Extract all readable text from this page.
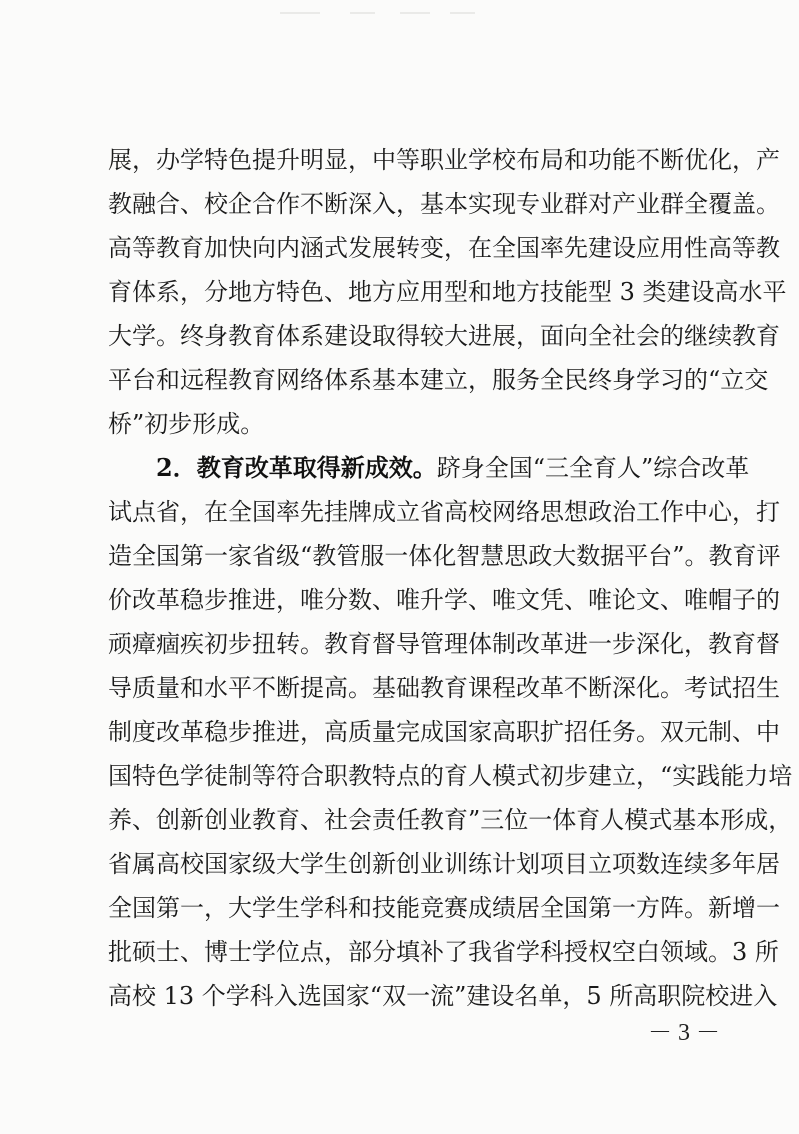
展，办学特色提升明显，中等职业学校布局和功能不断优化，产
教融合、校企合作不断深入，基本实现专业群对产业群全覆盖。
高等教育加快向内涵式发展转变，在全国率先建设应用性高等教
育体系，分地方特色、地方应用型和地方技能型 3 类建设高水平
大学。终身教育体系建设取得较大进展，面向全社会的继续教育
平台和远程教育网络体系基本建立，服务全民终身学习的“立交
桥”初步形成。
2．教育改革取得新成效。跻身全国“三全育人”综合改革
试点省，在全国率先挂牌成立省高校网络思想政治工作中心，打
造全国第一家省级“教管服一体化智慧思政大数据平台”。教育评
价改革稳步推进，唯分数、唯升学、唯文凭、唯论文、唯帽子的
顽瘴痼疾初步扭转。教育督导管理体制改革进一步深化，教育督
导质量和水平不断提高。基础教育课程改革不断深化。考试招生
制度改革稳步推进，高质量完成国家高职扩招任务。双元制、中
国特色学徒制等符合职教特点的育人模式初步建立，“实践能力培
养、创新创业教育、社会责任教育”三位一体育人模式基本形成，
省属高校国家级大学生创新创业训练计划项目立项数连续多年居
全国第一，大学生学科和技能竞赛成绩居全国第一方阵。新增一
批硕士、博士学位点，部分填补了我省学科授权空白领域。3 所
高校 13 个学科入选国家“双一流”建设名单，5 所高职院校进入
－ 3 －
